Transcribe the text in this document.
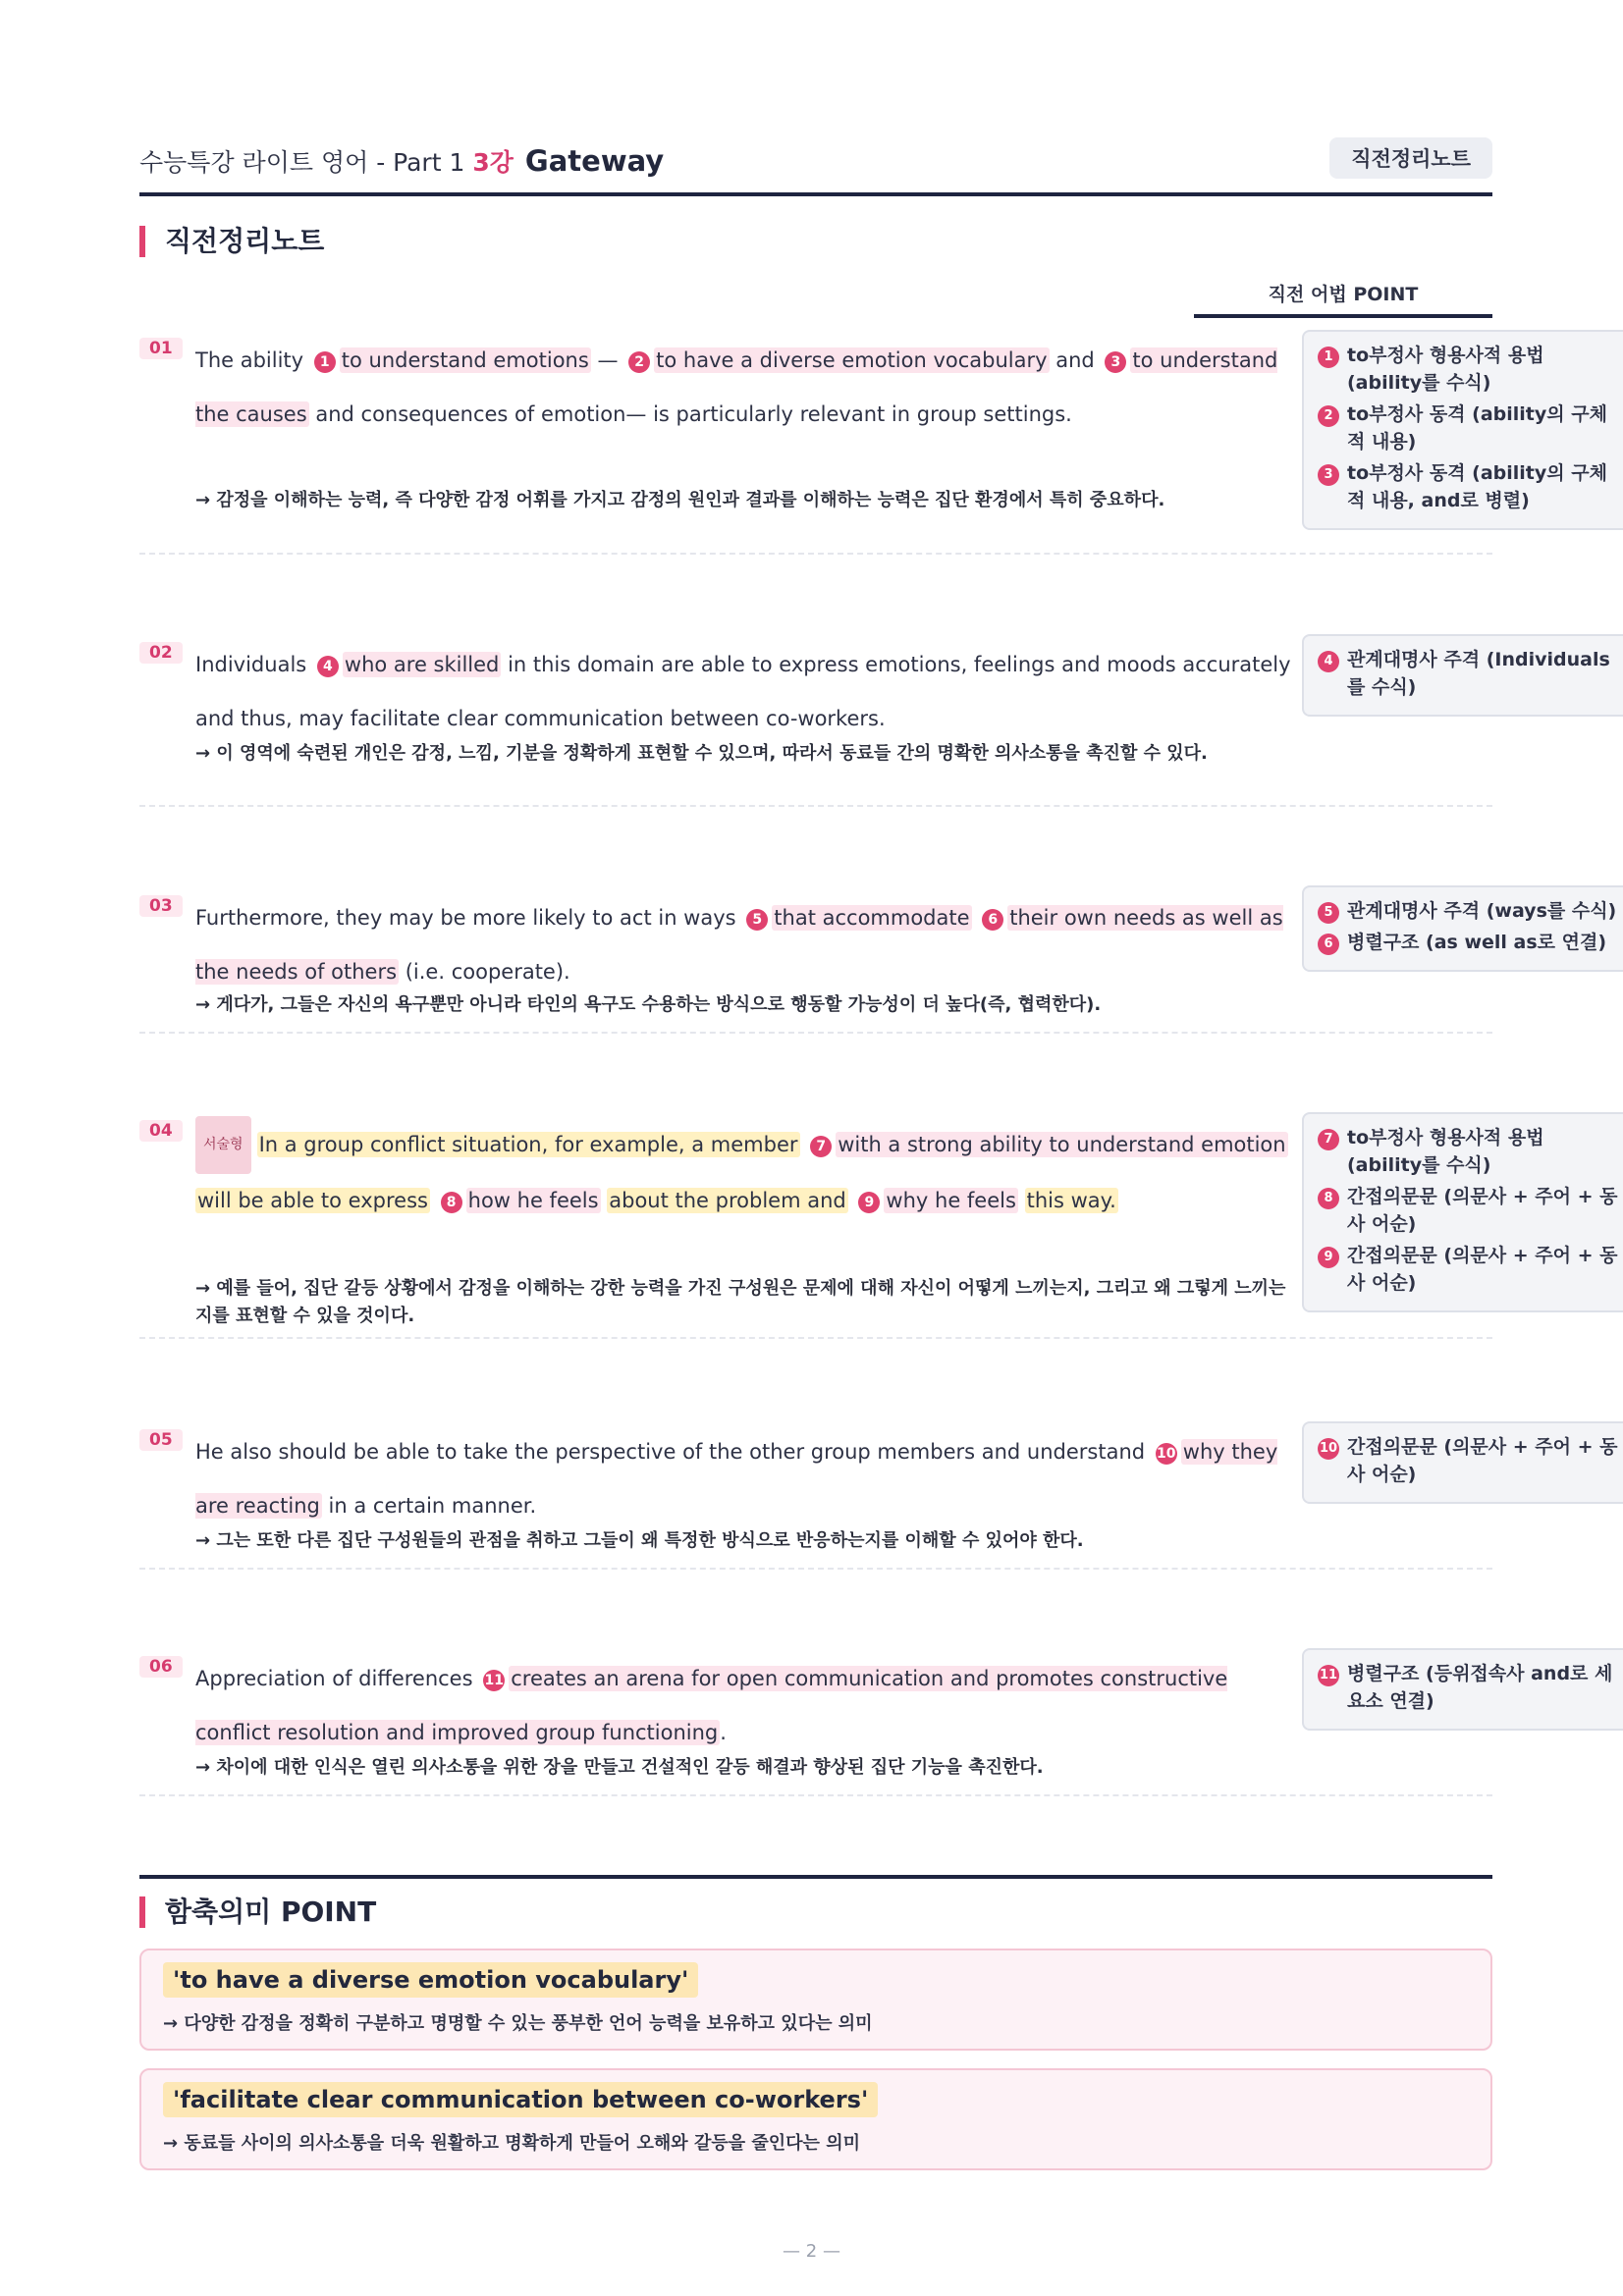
수능특강 라이트 영어 - Part 1 3강 Gateway	직전정리노트
직전정리노트
직전 어법 POINT
01	The ability 1 to understand emotions — 2 to have a diverse emotion vocabulary and 3 to understand the causes and consequences of emotion— is particularly relevant in group settings.
→ 감정을 이해하는 능력, 즉 다양한 감정 어휘를 가지고 감정의 원인과 결과를 이해하는 능력은 집단 환경에서 특히 중요하다.
1 to부정사 형용사적 용법 (ability를 수식)
2 to부정사 동격 (ability의 구체적 내용)
3 to부정사 동격 (ability의 구체적 내용, and로 병렬)
02	Individuals 4 who are skilled in this domain are able to express emotions, feelings and moods accurately and thus, may facilitate clear communication between co-workers.
→ 이 영역에 숙련된 개인은 감정, 느낌, 기분을 정확하게 표현할 수 있으며, 따라서 동료들 간의 명확한 의사소통을 촉진할 수 있다.
4 관계대명사 주격 (Individuals를 수식)
03	Furthermore, they may be more likely to act in ways 5 that accommodate 6 their own needs as well as the needs of others (i.e. cooperate).
→ 게다가, 그들은 자신의 욕구뿐만 아니라 타인의 욕구도 수용하는 방식으로 행동할 가능성이 더 높다(즉, 협력한다).
5 관계대명사 주격 (ways를 수식)
6 병렬구조 (as well as로 연결)
04
서술형 In a group conflict situation, for example, a member 7 with a strong ability to understand emotion will be able to express 8 how he feels about the problem and 9 why he feels this way.
→ 예를 들어, 집단 갈등 상황에서 감정을 이해하는 강한 능력을 가진 구성원은 문제에 대해 자신이 어떻게 느끼는지, 그리고 왜 그렇게 느끼는지를 표현할 수 있을 것이다.
7 to부정사 형용사적 용법 (ability를 수식)
8 간접의문문 (의문사 + 주어 + 동사 어순)
9 간접의문문 (의문사 + 주어 + 동사 어순)
05	He also should be able to take the perspective of the other group members and understand 10 why they are reacting in a certain manner.
→ 그는 또한 다른 집단 구성원들의 관점을 취하고 그들이 왜 특정한 방식으로 반응하는지를 이해할 수 있어야 한다.
10 간접의문문 (의문사 + 주어 + 동사 어순)
06	Appreciation of differences 11 creates an arena for open communication and promotes constructive conflict resolution and improved group functioning.
→ 차이에 대한 인식은 열린 의사소통을 위한 장을 만들고 건설적인 갈등 해결과 향상된 집단 기능을 촉진한다.
11 병렬구조 (등위접속사 and로 세 요소 연결)
함축의미 POINT
'to have a diverse emotion vocabulary'
→ 다양한 감정을 정확히 구분하고 명명할 수 있는 풍부한 언어 능력을 보유하고 있다는 의미
'facilitate clear communication between co-workers'
→ 동료들 사이의 의사소통을 더욱 원활하고 명확하게 만들어 오해와 갈등을 줄인다는 의미
— 2 —
